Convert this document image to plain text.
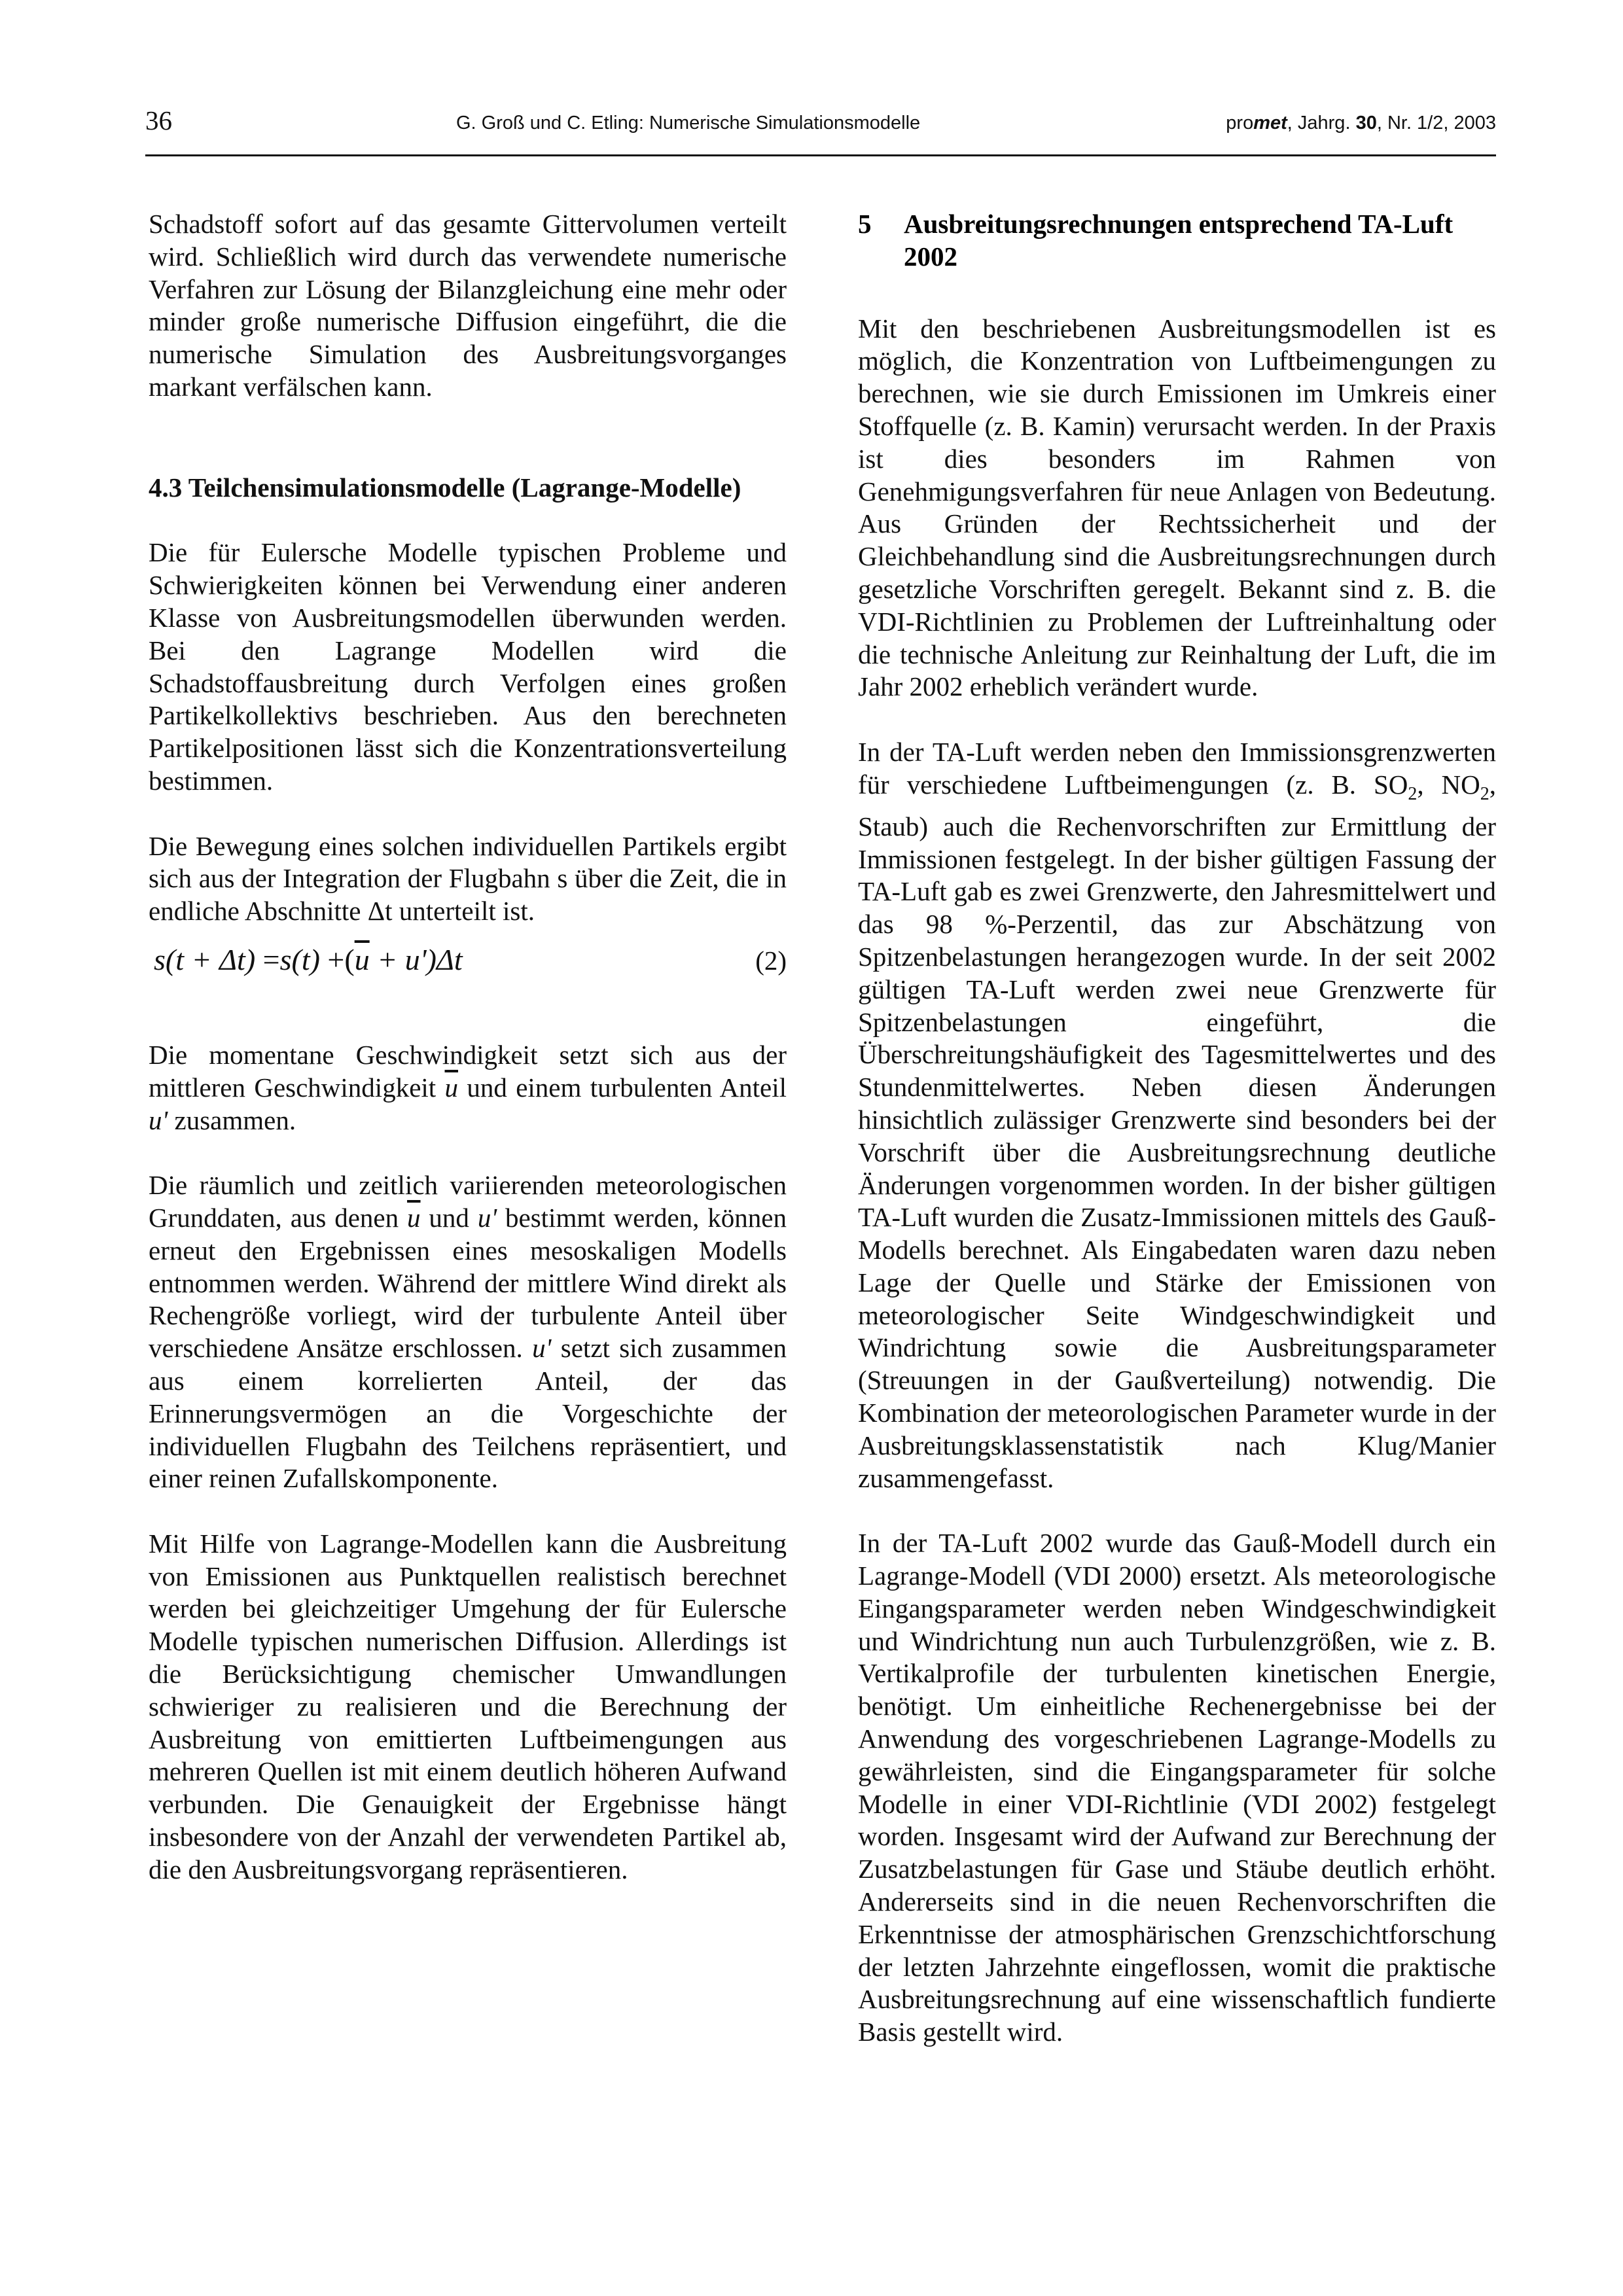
36	G. Groß und C. Etling: Numerische Simulationsmodelle	promet, Jahrg. 30, Nr. 1/2, 2003

Schadstoff sofort auf das gesamte Gittervolumen verteilt wird. Schließlich wird durch das verwendete numerische Verfahren zur Lösung der Bilanzgleichung eine mehr oder minder große numerische Diffusion eingeführt, die die numerische Simulation des Ausbreitungsvorganges markant verfälschen kann.

4.3 Teilchensimulationsmodelle (Lagrange-Modelle)

Die für Eulersche Modelle typischen Probleme und Schwierigkeiten können bei Verwendung einer anderen Klasse von Ausbreitungsmodellen überwunden werden. Bei den Lagrange Modellen wird die Schadstoffausbreitung durch Verfolgen eines großen Partikelkollektivs beschrieben. Aus den berechneten Partikelpositionen lässt sich die Konzentrationsverteilung bestimmen.

Die Bewegung eines solchen individuellen Partikels ergibt sich aus der Integration der Flugbahn s über die Zeit, die in endliche Abschnitte Δt unterteilt ist.

$s(t + \Delta t) =s(t) +(\overline{u} + u')\Delta t$	(2)

Die momentane Geschwindigkeit setzt sich aus der mittleren Geschwindigkeit $\overline{u}$ und einem turbulenten Anteil u' zusammen.

Die räumlich und zeitlich variierenden meteorologischen Grunddaten, aus denen $\overline{u}$ und u' bestimmt werden, können erneut den Ergebnissen eines mesoskaligen Modells entnommen werden. Während der mittlere Wind direkt als Rechengröße vorliegt, wird der turbulente Anteil über verschiedene Ansätze erschlossen. u' setzt sich zusammen aus einem korrelierten Anteil, der das Erinnerungsvermögen an die Vorgeschichte der individuellen Flugbahn des Teilchens repräsentiert, und einer reinen Zufallskomponente.

Mit Hilfe von Lagrange-Modellen kann die Ausbreitung von Emissionen aus Punktquellen realistisch berechnet werden bei gleichzeitiger Umgehung der für Eulersche Modelle typischen numerischen Diffusion. Allerdings ist die Berücksichtigung chemischer Umwandlungen schwieriger zu realisieren und die Berechnung der Ausbreitung von emittierten Luftbeimengungen aus mehreren Quellen ist mit einem deutlich höheren Aufwand verbunden. Die Genauigkeit der Ergebnisse hängt insbesondere von der Anzahl der verwendeten Partikel ab, die den Ausbreitungsvorgang repräsentieren.

5	Ausbreitungsrechnungen entsprechend TA-Luft 2002

Mit den beschriebenen Ausbreitungsmodellen ist es möglich, die Konzentration von Luftbeimengungen zu berechnen, wie sie durch Emissionen im Umkreis einer Stoffquelle (z. B. Kamin) verursacht werden. In der Praxis ist dies besonders im Rahmen von Genehmigungsverfahren für neue Anlagen von Bedeutung. Aus Gründen der Rechtssicherheit und der Gleichbehandlung sind die Ausbreitungsrechnungen durch gesetzliche Vorschriften geregelt. Bekannt sind z. B. die VDI-Richtlinien zu Problemen der Luftreinhaltung oder die technische Anleitung zur Reinhaltung der Luft, die im Jahr 2002 erheblich verändert wurde.

In der TA-Luft werden neben den Immissionsgrenzwerten für verschiedene Luftbeimengungen (z. B. $SO_2$, $NO_2$, Staub) auch die Rechenvorschriften zur Ermittlung der Immissionen festgelegt. In der bisher gültigen Fassung der TA-Luft gab es zwei Grenzwerte, den Jahresmittelwert und das 98 %-Perzentil, das zur Abschätzung von Spitzenbelastungen herangezogen wurde. In der seit 2002 gültigen TA-Luft werden zwei neue Grenzwerte für Spitzenbelastungen eingeführt, die Überschreitungshäufigkeit des Tagesmittelwertes und des Stundenmittelwertes. Neben diesen Änderungen hinsichtlich zulässiger Grenzwerte sind besonders bei der Vorschrift über die Ausbreitungsrechnung deutliche Änderungen vorgenommen worden. In der bisher gültigen TA-Luft wurden die Zusatz-Immissionen mittels des Gauß-Modells berechnet. Als Eingabedaten waren dazu neben Lage der Quelle und Stärke der Emissionen von meteorologischer Seite Windgeschwindigkeit und Windrichtung sowie die Ausbreitungsparameter (Streuungen in der Gaußverteilung) notwendig. Die Kombination der meteorologischen Parameter wurde in der Ausbreitungsklassenstatistik nach Klug/Manier zusammengefasst.

In der TA-Luft 2002 wurde das Gauß-Modell durch ein Lagrange-Modell (VDI 2000) ersetzt. Als meteorologische Eingangsparameter werden neben Windgeschwindigkeit und Windrichtung nun auch Turbulenzgrößen, wie z. B. Vertikalprofile der turbulenten kinetischen Energie, benötigt. Um einheitliche Rechenergebnisse bei der Anwendung des vorgeschriebenen Lagrange-Modells zu gewährleisten, sind die Eingangsparameter für solche Modelle in einer VDI-Richtlinie (VDI 2002) festgelegt worden. Insgesamt wird der Aufwand zur Berechnung der Zusatzbelastungen für Gase und Stäube deutlich erhöht. Andererseits sind in die neuen Rechenvorschriften die Erkenntnisse der atmosphärischen Grenzschichtforschung der letzten Jahrzehnte eingeflossen, womit die praktische Ausbreitungsrechnung auf eine wissenschaftlich fundierte Basis gestellt wird.
